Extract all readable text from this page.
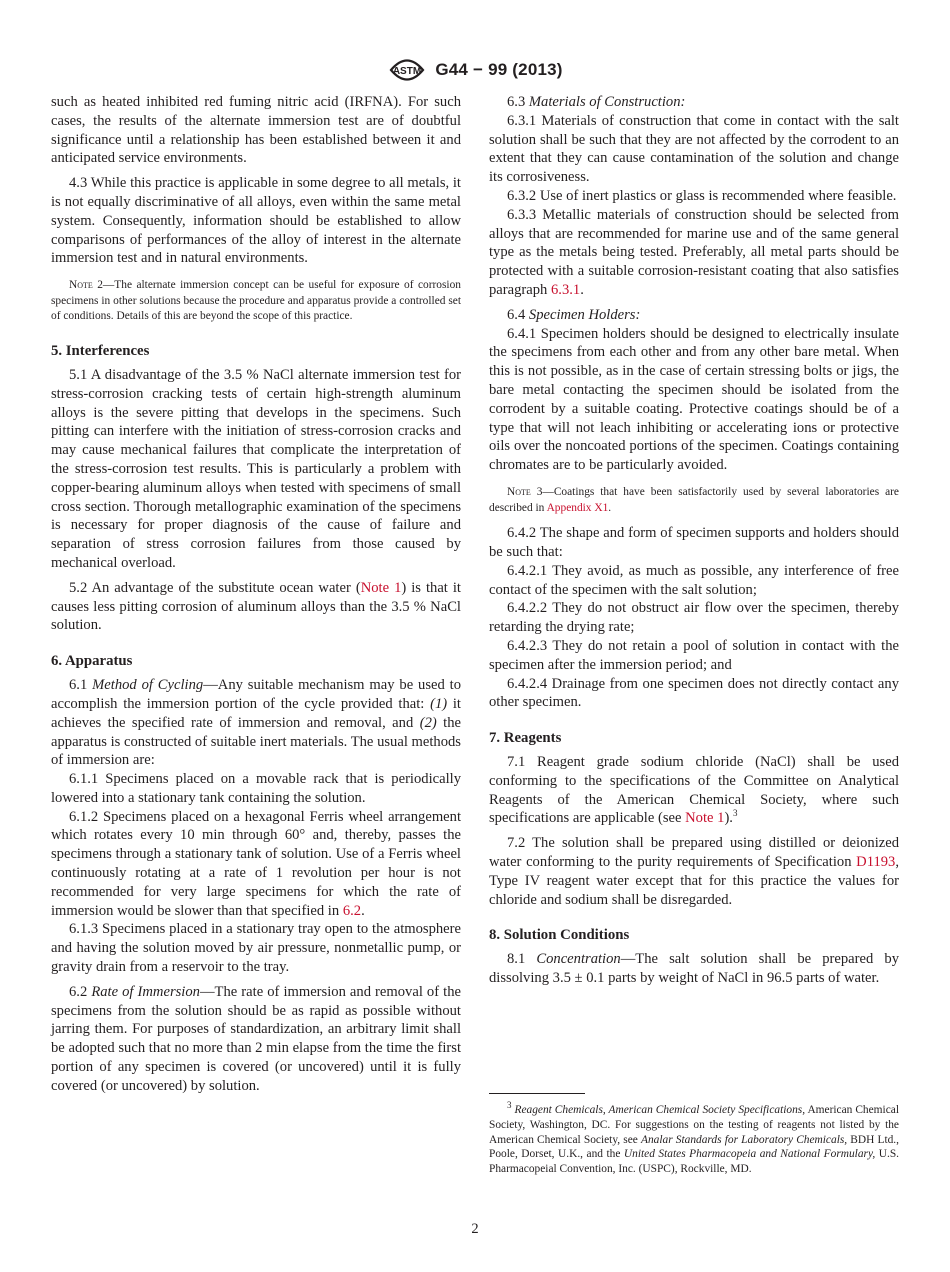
ASTM G44 − 99 (2013)

such as heated inhibited red fuming nitric acid (IRFNA). For such cases, the results of the alternate immersion test are of doubtful significance until a relationship has been established between it and anticipated service environments.

4.3 While this practice is applicable in some degree to all metals, it is not equally discriminative of all alloys, even within the same metal system. Consequently, information should be established to allow comparisons of performances of the alloy of interest in the alternate immersion test and in natural environments.

Note 2—The alternate immersion concept can be useful for exposure of corrosion specimens in other solutions because the procedure and apparatus provide a controlled set of conditions. Details of this are beyond the scope of this practice.

5. Interferences

5.1 A disadvantage of the 3.5 % NaCl alternate immersion test for stress-corrosion cracking tests of certain high-strength aluminum alloys is the severe pitting that develops in the specimens. Such pitting can interfere with the initiation of stress-corrosion cracks and may cause mechanical failures that complicate the interpretation of the stress-corrosion test results. This is particularly a problem with copper-bearing aluminum alloys when tested with specimens of small cross section. Thorough metallographic examination of the specimens is necessary for proper diagnosis of the cause of failure and separation of stress corrosion failures from those caused by mechanical overload.

5.2 An advantage of the substitute ocean water (Note 1) is that it causes less pitting corrosion of aluminum alloys than the 3.5 % NaCl solution.

6. Apparatus

6.1 Method of Cycling—Any suitable mechanism may be used to accomplish the immersion portion of the cycle provided that: (1) it achieves the specified rate of immersion and removal, and (2) the apparatus is constructed of suitable inert materials. The usual methods of immersion are:

6.1.1 Specimens placed on a movable rack that is periodically lowered into a stationary tank containing the solution.

6.1.2 Specimens placed on a hexagonal Ferris wheel arrangement which rotates every 10 min through 60° and, thereby, passes the specimens through a stationary tank of solution. Use of a Ferris wheel continuously rotating at a rate of 1 revolution per hour is not recommended for very large specimens for which the rate of immersion would be slower than that specified in 6.2.

6.1.3 Specimens placed in a stationary tray open to the atmosphere and having the solution moved by air pressure, nonmetallic pump, or gravity drain from a reservoir to the tray.

6.2 Rate of Immersion—The rate of immersion and removal of the specimens from the solution should be as rapid as possible without jarring them. For purposes of standardization, an arbitrary limit shall be adopted such that no more than 2 min elapse from the time the first portion of any specimen is covered (or uncovered) until it is fully covered (or uncovered) by solution.

6.3 Materials of Construction:

6.3.1 Materials of construction that come in contact with the salt solution shall be such that they are not affected by the corrodent to an extent that they can cause contamination of the solution and change its corrosiveness.

6.3.2 Use of inert plastics or glass is recommended where feasible.

6.3.3 Metallic materials of construction should be selected from alloys that are recommended for marine use and of the same general type as the metals being tested. Preferably, all metal parts should be protected with a suitable corrosion-resistant coating that also satisfies paragraph 6.3.1.

6.4 Specimen Holders:

6.4.1 Specimen holders should be designed to electrically insulate the specimens from each other and from any other bare metal. When this is not possible, as in the case of certain stressing bolts or jigs, the bare metal contacting the specimen should be isolated from the corrodent by a suitable coating. Protective coatings should be of a type that will not leach inhibiting or accelerating ions or protective oils over the noncoated portions of the specimen. Coatings containing chromates are to be particularly avoided.

Note 3—Coatings that have been satisfactorily used by several laboratories are described in Appendix X1.

6.4.2 The shape and form of specimen supports and holders should be such that:

6.4.2.1 They avoid, as much as possible, any interference of free contact of the specimen with the salt solution;

6.4.2.2 They do not obstruct air flow over the specimen, thereby retarding the drying rate;

6.4.2.3 They do not retain a pool of solution in contact with the specimen after the immersion period; and

6.4.2.4 Drainage from one specimen does not directly contact any other specimen.

7. Reagents

7.1 Reagent grade sodium chloride (NaCl) shall be used conforming to the specifications of the Committee on Analytical Reagents of the American Chemical Society, where such specifications are applicable (see Note 1).$^3$

7.2 The solution shall be prepared using distilled or deionized water conforming to the purity requirements of Specification D1193, Type IV reagent water except that for this practice the values for chloride and sodium shall be disregarded.

8. Solution Conditions

8.1 Concentration—The salt solution shall be prepared by dissolving 3.5 ± 0.1 parts by weight of NaCl in 96.5 parts of water.

$^3$ Reagent Chemicals, American Chemical Society Specifications, American Chemical Society, Washington, DC. For suggestions on the testing of reagents not listed by the American Chemical Society, see Analar Standards for Laboratory Chemicals, BDH Ltd., Poole, Dorset, U.K., and the United States Pharmacopeia and National Formulary, U.S. Pharmacopeial Convention, Inc. (USPC), Rockville, MD.

2
